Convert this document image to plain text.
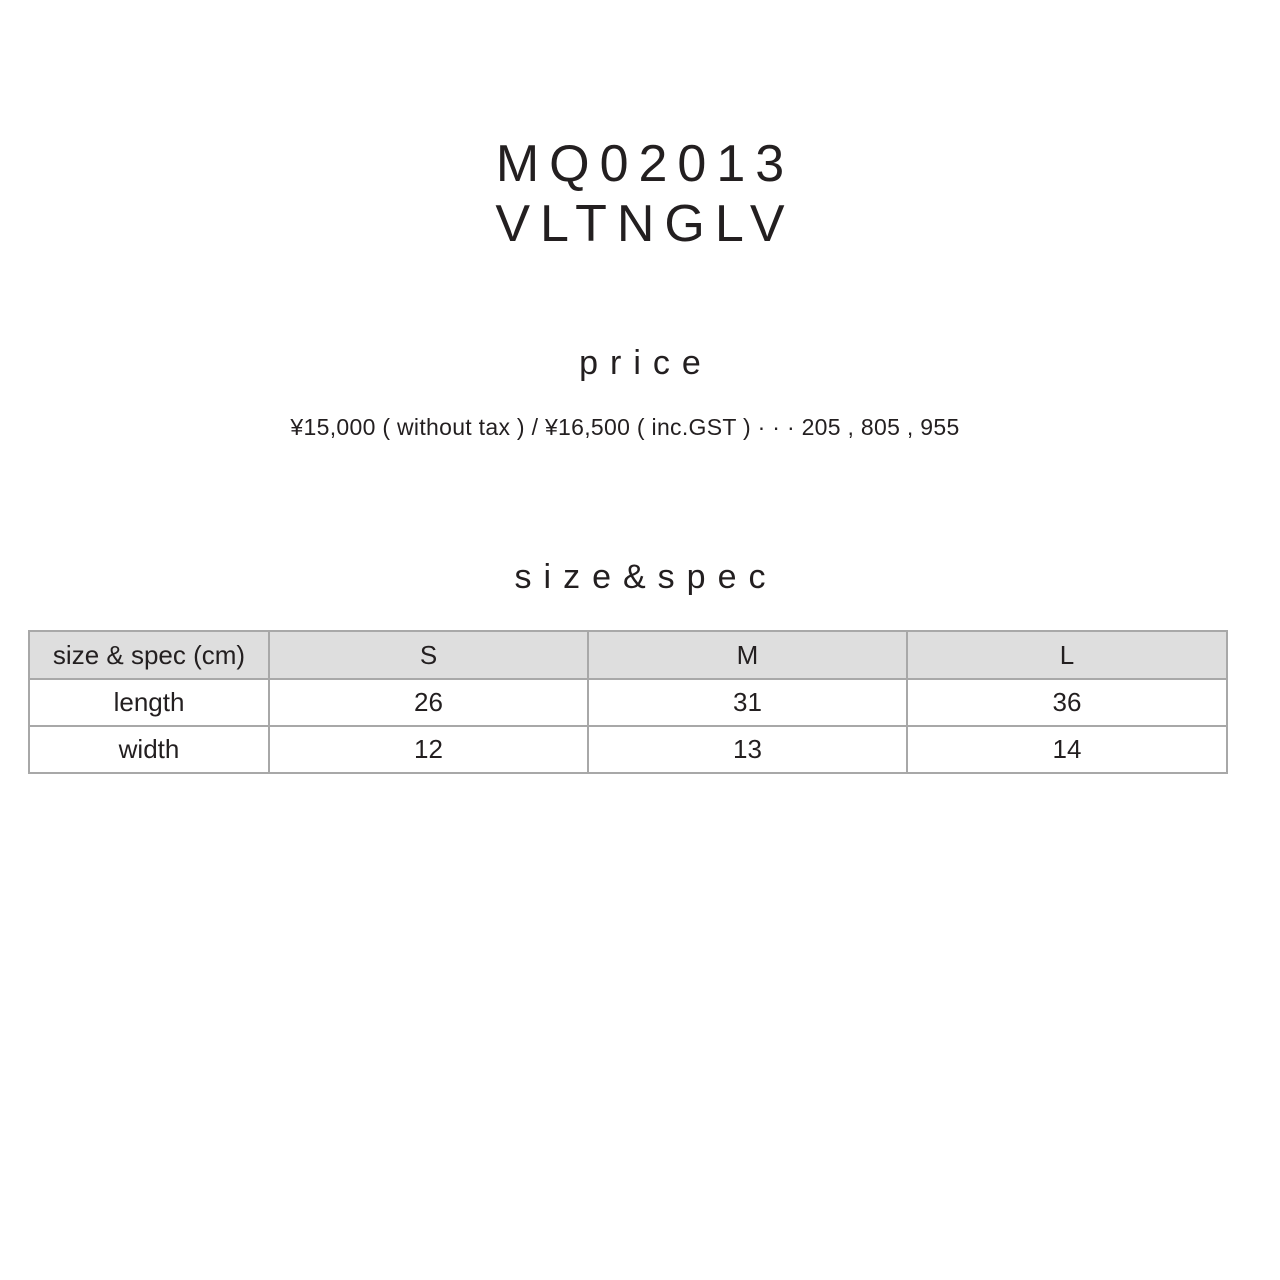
MQ02013
VLTNGLV
price
¥15,000 ( without tax ) / ¥16,500 ( inc.GST ) · · · 205 , 805 , 955
size&spec
size & spec (cm)	S	M	L
length	26	31	36
width	12	13	14
